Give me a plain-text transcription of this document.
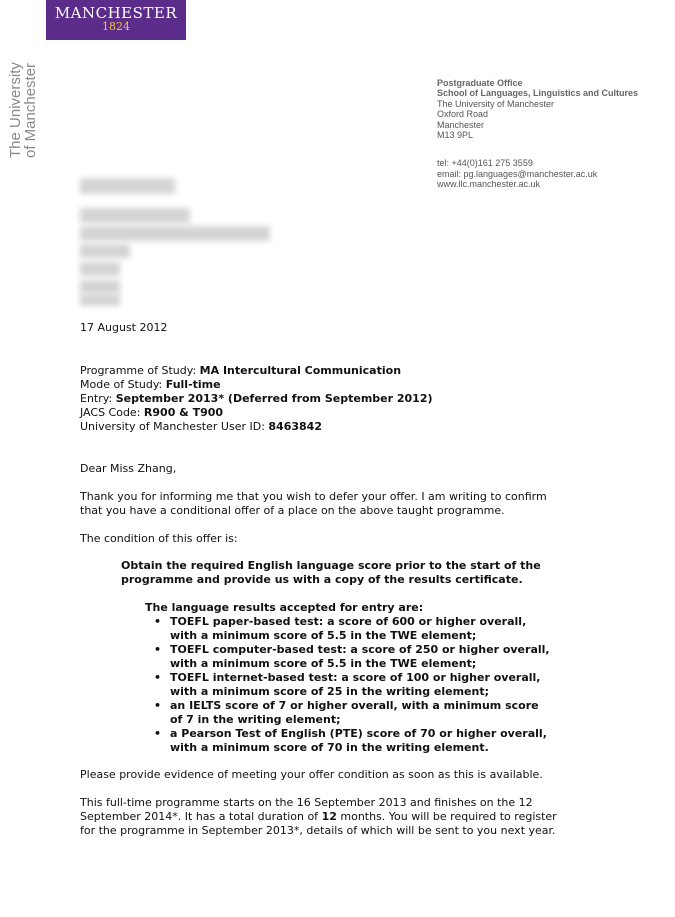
MANCHESTER
1824
The University
of Manchester	Postgraduate Office
School of Languages, Linguistics and Cultures
The University of Manchester
Oxford Road
Manchester
M13 9PL
tel: +44(0)161 275 3559
email: pg.languages@manchester.ac.uk
www.llc.manchester.ac.uk
17 August 2012
Programme of Study: MA Intercultural Communication
Mode of Study: Full-time
Entry: September 2013* (Deferred from September 2012)
JACS Code: R900 & T900
University of Manchester User ID: 8463842
Dear Miss Zhang,
Thank you for informing me that you wish to defer your offer. I am writing to confirm
that you have a conditional offer of a place on the above taught programme.
The condition of this offer is:
Obtain the required English language score prior to the start of the
programme and provide us with a copy of the results certificate.
The language results accepted for entry are:
• TOEFL paper-based test: a score of 600 or higher overall,
with a minimum score of 5.5 in the TWE element;
• TOEFL computer-based test: a score of 250 or higher overall,
with a minimum score of 5.5 in the TWE element;
• TOEFL internet-based test: a score of 100 or higher overall,
with a minimum score of 25 in the writing element;
• an IELTS score of 7 or higher overall, with a minimum score
of 7 in the writing element;
• a Pearson Test of English (PTE) score of 70 or higher overall,
with a minimum score of 70 in the writing element.
Please provide evidence of meeting your offer condition as soon as this is available.
This full-time programme starts on the 16 September 2013 and finishes on the 12
September 2014*. It has a total duration of 12 months. You will be required to register
for the programme in September 2013*, details of which will be sent to you next year.
